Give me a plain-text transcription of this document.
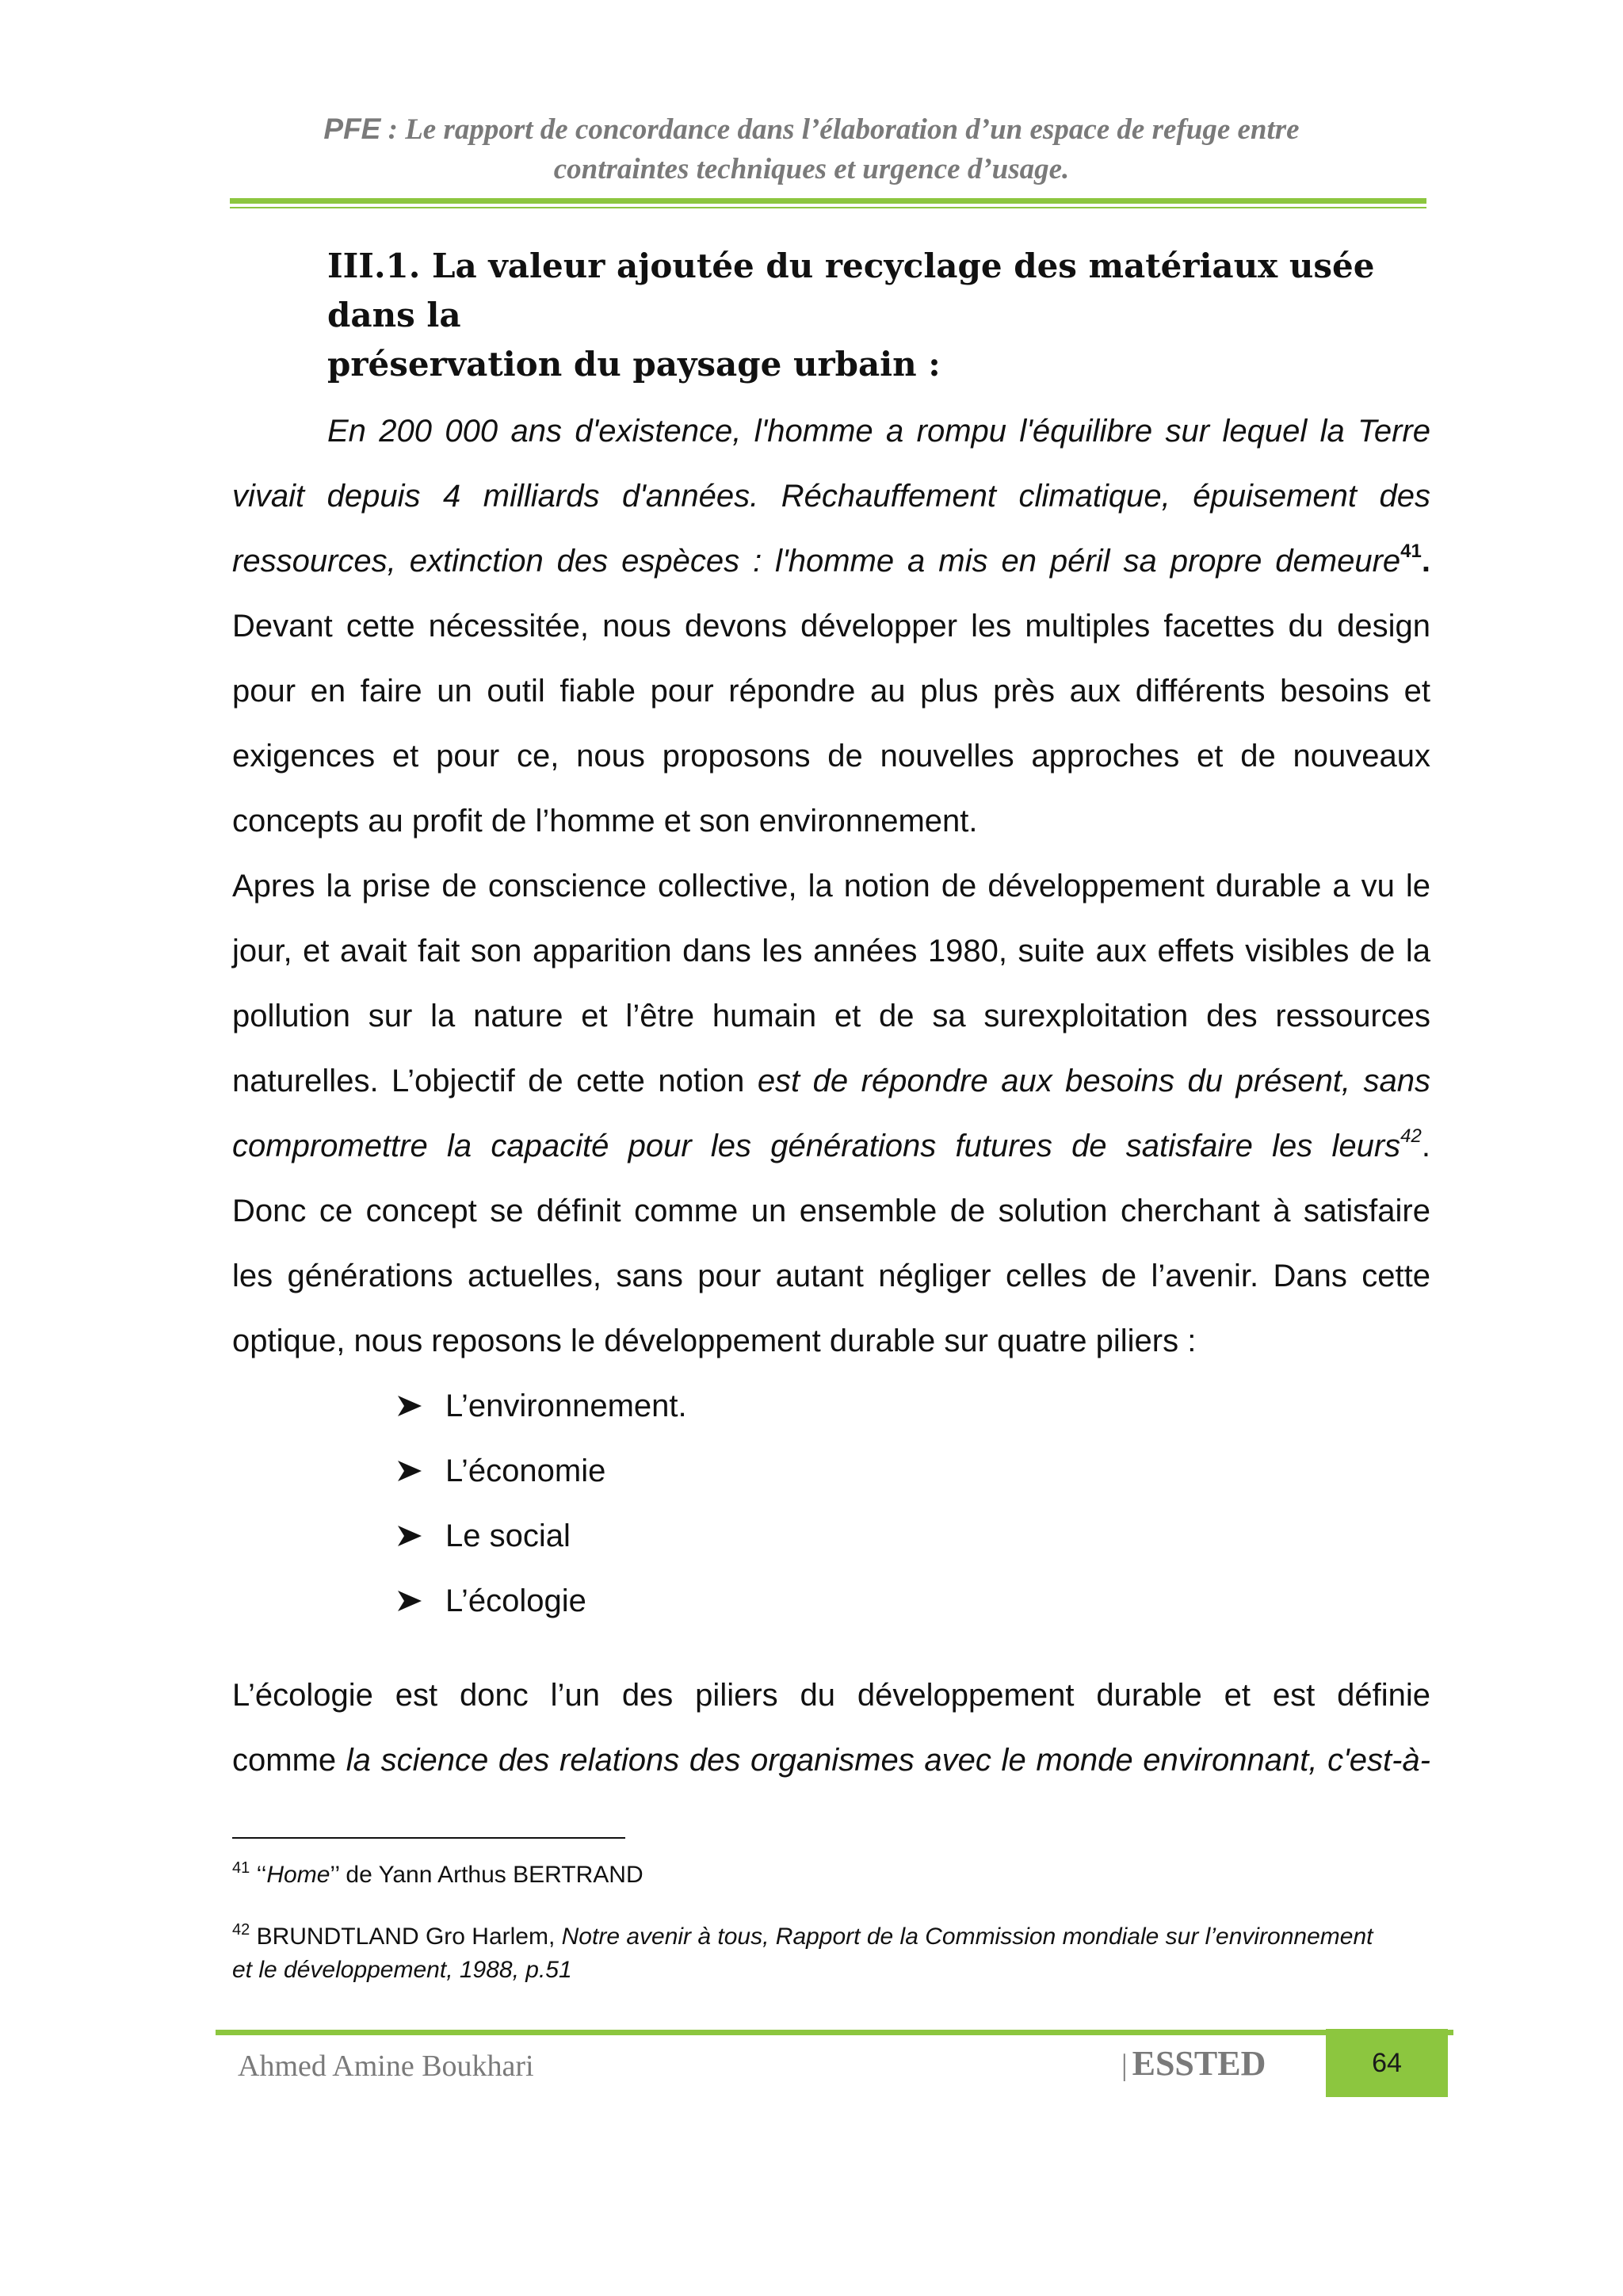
PFE : Le rapport de concordance dans l’élaboration d’un espace de refuge entre
contraintes techniques et urgence d’usage.
III.1. La valeur ajoutée du recyclage des matériaux usée dans la
préservation du paysage urbain :
En 200 000 ans d'existence, l'homme a rompu l'équilibre sur lequel la Terre
vivait depuis 4 milliards d'années. Réchauffement climatique, épuisement des
ressources, extinction des espèces : l'homme a mis en péril sa propre demeure$^{41}$.
Devant cette nécessitée, nous devons développer les multiples facettes du design
pour en faire un outil fiable pour répondre au plus près aux différents besoins et
exigences et pour ce, nous proposons de nouvelles approches et de nouveaux
concepts au profit de l’homme et son environnement.
Apres la prise de conscience collective, la notion de développement durable a vu le
jour, et avait fait son apparition dans les années 1980, suite aux effets visibles de la
pollution sur la nature et l’être humain et de sa surexploitation des ressources
naturelles. L’objectif de cette notion est de répondre aux besoins du présent, sans
compromettre la capacité pour les générations futures de satisfaire les leurs$^{42}$.
Donc ce concept se définit comme un ensemble de solution cherchant à satisfaire
les générations actuelles, sans pour autant négliger celles de l’avenir. Dans cette
optique, nous reposons le développement durable sur quatre piliers :
L’environnement.
L’économie
Le social
L’écologie
L’écologie est donc l’un des piliers du développement durable et est définie
comme la science des relations des organismes avec le monde environnant, c'est-à-
$^{41}$ ‘‘Home’’ de Yann Arthus BERTRAND
$^{42}$ BRUNDTLAND Gro Harlem, Notre avenir à tous, Rapport de la Commission mondiale sur l’environnement
et le développement, 1988, p.51
Ahmed Amine Boukhari	| ESSTED	64
